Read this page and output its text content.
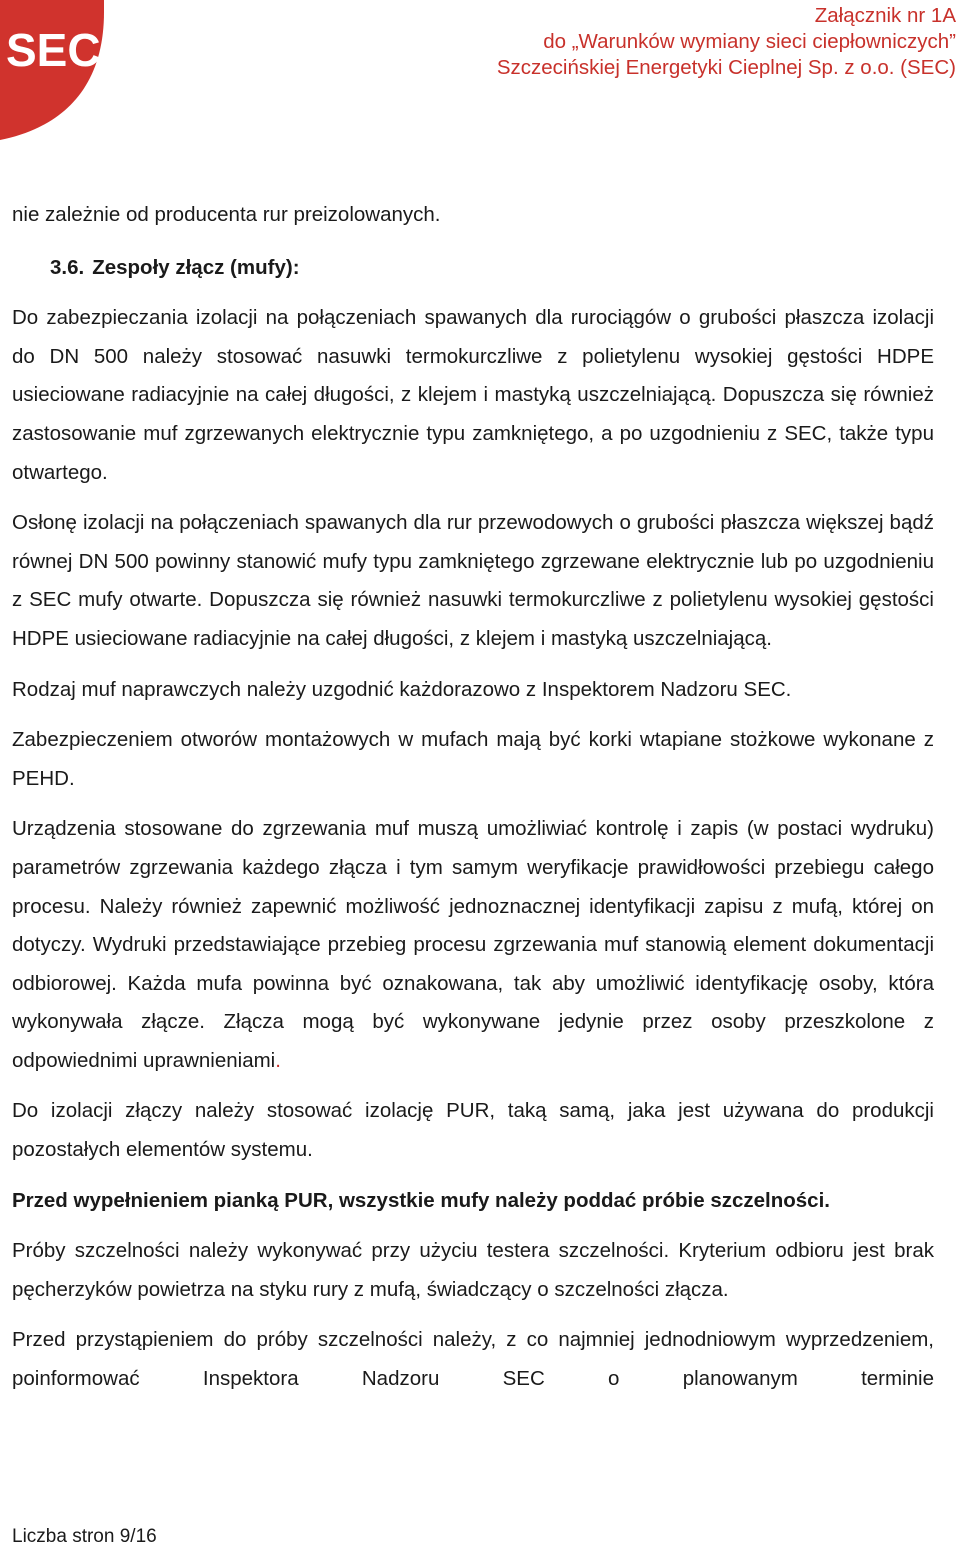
SEC
Załącznik nr 1A
do „Warunków wymiany sieci ciepłowniczych”
Szczecińskiej Energetyki Cieplnej Sp. z o.o. (SEC)

nie zależnie od producenta rur preizolowanych.

3.6. Zespoły złącz (mufy):

Do zabezpieczania izolacji na połączeniach spawanych dla rurociągów o grubości płaszcza izolacji do DN 500 należy stosować nasuwki termokurczliwe z polietylenu wysokiej gęstości HDPE usieciowane radiacyjnie na całej długości, z klejem i mastyką uszczelniającą. Dopuszcza się również zastosowanie muf zgrzewanych elektrycznie typu zamkniętego, a po uzgodnieniu z SEC, także typu otwartego.

Osłonę izolacji na połączeniach spawanych dla rur przewodowych o grubości płaszcza większej bądź równej DN 500 powinny stanowić mufy typu zamkniętego zgrzewane elektrycznie lub po uzgodnieniu z SEC mufy otwarte. Dopuszcza się również nasuwki termokurczliwe z polietylenu wysokiej gęstości HDPE usieciowane radiacyjnie na całej długości, z klejem i mastyką uszczelniającą.

Rodzaj muf naprawczych należy uzgodnić każdorazowo z Inspektorem Nadzoru SEC.

Zabezpieczeniem otworów montażowych w mufach mają być korki wtapiane stożkowe wykonane z PEHD.

Urządzenia stosowane do zgrzewania muf muszą umożliwiać kontrolę i zapis (w postaci wydruku) parametrów zgrzewania każdego złącza i tym samym weryfikacje prawidłowości przebiegu całego procesu. Należy również zapewnić możliwość jednoznacznej identyfikacji zapisu z mufą, której on dotyczy. Wydruki przedstawiające przebieg procesu zgrzewania muf stanowią element dokumentacji odbiorowej. Każda mufa powinna być oznakowana, tak aby umożliwić identyfikację osoby, która wykonywała złącze. Złącza mogą być wykonywane jedynie przez osoby przeszkolone z odpowiednimi uprawnieniami.

Do izolacji złączy należy stosować izolację PUR, taką samą, jaka jest używana do produkcji pozostałych elementów systemu.

Przed wypełnieniem pianką PUR, wszystkie mufy należy poddać próbie szczelności.

Próby szczelności należy wykonywać przy użyciu testera szczelności. Kryterium odbioru jest brak pęcherzyków powietrza na styku rury z mufą, świadczący o szczelności złącza.

Przed przystąpieniem do próby szczelności należy, z co najmniej jednodniowym wyprzedzeniem, poinformować Inspektora Nadzoru SEC o planowanym terminie

Liczba stron 9/16
